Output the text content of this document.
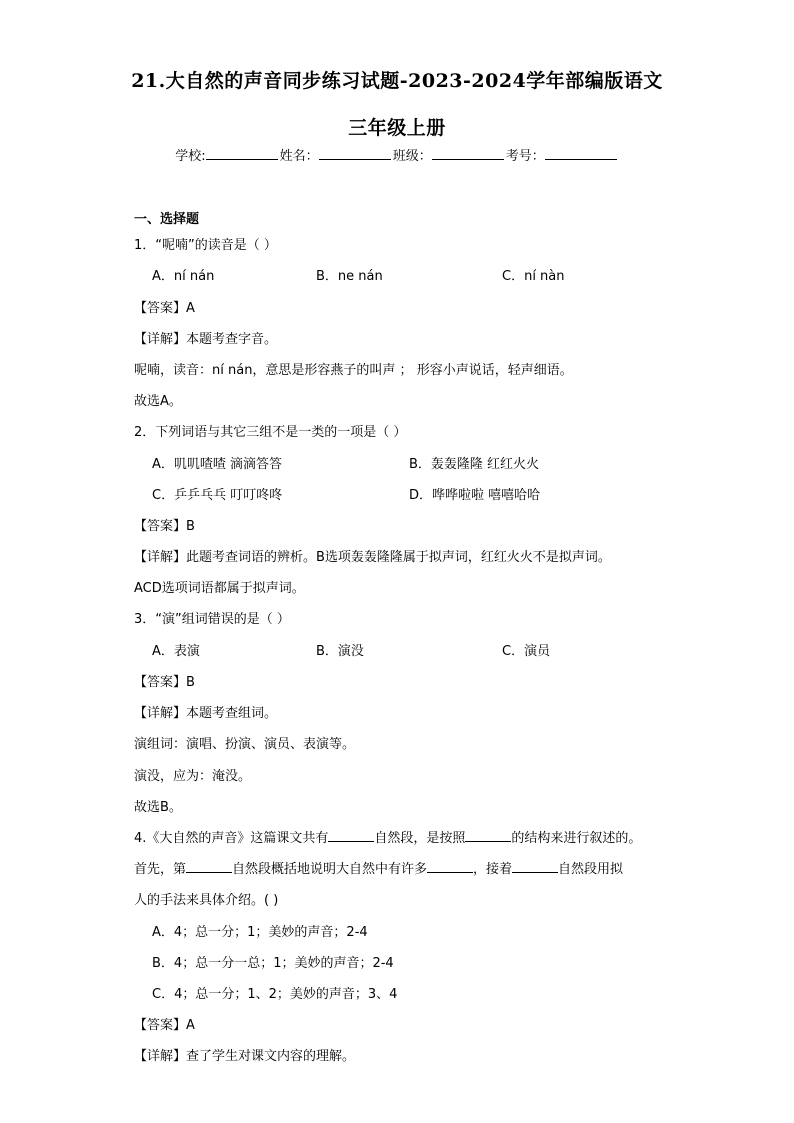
21.大自然的声音同步练习试题-2023-2024学年部编版语文
三年级上册
学校:	姓名：	班级：	考号：
一、选择题
1．“呢喃”的读音是（ ）
A．ní nán	B．ne nán	C．ní nàn
【答案】A
【详解】本题考查字音。
呢喃，读音：ní nán，意思是形容燕子的叫声 ； 形容小声说话，轻声细语。
故选A。
2．下列词语与其它三组不是一类的一项是（ ）
A．叽叽喳喳 滴滴答答	B．轰轰隆隆 红红火火
C．乒乒乓乓 叮叮咚咚	D．哗哗啦啦 嘻嘻哈哈
【答案】B
【详解】此题考查词语的辨析。B选项轰轰隆隆属于拟声词，红红火火不是拟声词。
ACD选项词语都属于拟声词。
3．“演”组词错误的是（ ）
A．表演	B．演没	C．演员
【答案】B
【详解】本题考查组词。
演组词：演唱、扮演、演员、表演等。
演没，应为：淹没。
故选B。
4.《大自然的声音》这篇课文共有	自然段，是按照	的结构来进行叙述的。
首先，第	自然段概括地说明大自然中有许多	，接着	自然段用拟
人的手法来具体介绍。( )
A．4；总一分；1；美妙的声音；2-4
B．4；总一分一总；1；美妙的声音；2-4
C．4；总一分；1、2；美妙的声音；3、4
【答案】A
【详解】查了学生对课文内容的理解。
